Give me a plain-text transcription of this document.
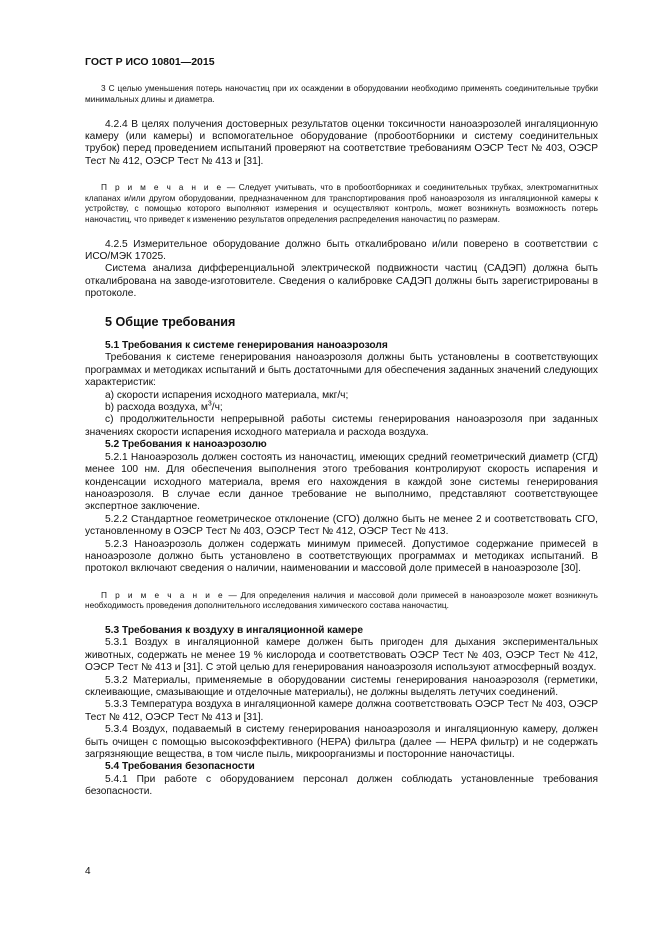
ГОСТ Р ИСО 10801—2015

3 С целью уменьшения потерь наночастиц при их осаждении в оборудовании необходимо применять соединительные трубки минимальных длины и диаметра.

4.2.4 В целях получения достоверных результатов оценки токсичности наноаэрозолей ингаляционную камеру (или камеры) и вспомогательное оборудование (пробоотборники и систему соединительных трубок) перед проведением испытаний проверяют на соответствие требованиям ОЭСР Тест № 403, ОЭСР Тест № 412, ОЭСР Тест № 413 и [31].

П р и м е ч а н и е — Следует учитывать, что в пробоотборниках и соединительных трубках, электромагнитных клапанах и/или другом оборудовании, предназначенном для транспортирования проб наноаэрозоля из ингаляционной камеры к устройству, с помощью которого выполняют измерения и осуществляют контроль, может возникнуть возможность потерь наночастиц, что приведет к изменению результатов определения распределения наночастиц по размерам.

4.2.5 Измерительное оборудование должно быть откалибровано и/или поверено в соответствии с ИСО/МЭК 17025.

Система анализа дифференциальной электрической подвижности частиц (САДЭП) должна быть откалибрована на заводе-изготовителе. Сведения о калибровке САДЭП должны быть зарегистрированы в протоколе.

5 Общие требования
5.1 Требования к системе генерирования наноаэрозоля

Требования к системе генерирования наноаэрозоля должны быть установлены в соответствующих программах и методиках испытаний и быть достаточными для обеспечения заданных значений следующих характеристик:

а) скорости испарения исходного материала, мкг/ч;
b) расхода воздуха, $м^3/ч$;

с) продолжительности непрерывной работы системы генерирования наноаэрозоля при заданных значениях скорости испарения исходного материала и расхода воздуха.

5.2 Требования к наноаэрозолю

5.2.1 Наноаэрозоль должен состоять из наночастиц, имеющих средний геометрический диаметр (СГД) менее 100 нм. Для обеспечения выполнения этого требования контролируют скорость испарения и конденсации исходного материала, время его нахождения в каждой зоне системы генерирования наноаэрозоля. В случае если данное требование не выполнимо, представляют соответствующее экспертное заключение.

5.2.2 Стандартное геометрическое отклонение (СГО) должно быть не менее 2 и соответствовать СГО, установленному в ОЭСР Тест № 403, ОЭСР Тест № 412, ОЭСР Тест № 413.

5.2.3 Наноаэрозоль должен содержать минимум примесей. Допустимое содержание примесей в наноаэрозоле должно быть установлено в соответствующих программах и методиках испытаний. В протокол включают сведения о наличии, наименовании и массовой доле примесей в наноаэрозоле [30].

П р и м е ч а н и е — Для определения наличия и массовой доли примесей в наноаэрозоле может возникнуть необходимость проведения дополнительного исследования химического состава наночастиц.

5.3 Требования к воздуху в ингаляционной камере

5.3.1 Воздух в ингаляционной камере должен быть пригоден для дыхания экспериментальных животных, содержать не менее 19 % кислорода и соответствовать ОЭСР Тест № 403, ОЭСР Тест № 412, ОЭСР Тест № 413 и [31]. С этой целью для генерирования наноаэрозоля используют атмосферный воздух.

5.3.2 Материалы, применяемые в оборудовании системы генерирования наноаэрозоля (герметики, склеивающие, смазывающие и отделочные материалы), не должны выделять летучих соединений.

5.3.3 Температура воздуха в ингаляционной камере должна соответствовать ОЭСР Тест № 403, ОЭСР Тест № 412, ОЭСР Тест № 413 и [31].

5.3.4 Воздух, подаваемый в систему генерирования наноаэрозоля и ингаляционную камеру, должен быть очищен с помощью высокоэффективного (HEPA) фильтра (далее — HEPA фильтр) и не содержать загрязняющие вещества, в том числе пыль, микроорганизмы и посторонние наночастицы.

5.4 Требования безопасности

5.4.1 При работе с оборудованием персонал должен соблюдать установленные требования безопасности.

4
